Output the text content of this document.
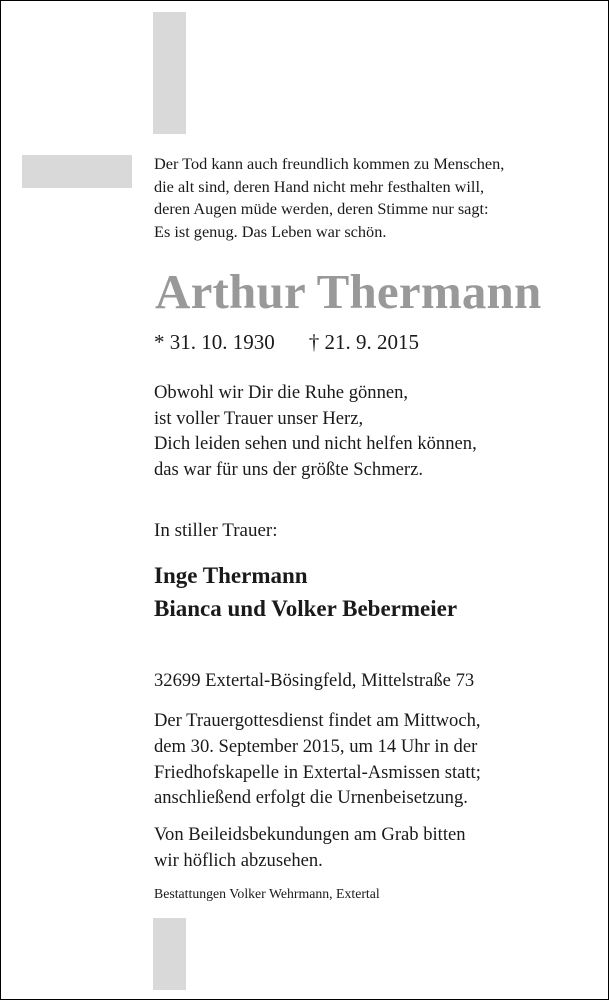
Der Tod kann auch freundlich kommen zu Menschen,
die alt sind, deren Hand nicht mehr festhalten will,
deren Augen müde werden, deren Stimme nur sagt:
Es ist genug. Das Leben war schön.
Arthur Thermann
* 31. 10. 1930 † 21. 9. 2015
Obwohl wir Dir die Ruhe gönnen,
ist voller Trauer unser Herz,
Dich leiden sehen und nicht helfen können,
das war für uns der größte Schmerz.
In stiller Trauer:
Inge Thermann
Bianca und Volker Bebermeier
32699 Extertal-Bösingfeld, Mittelstraße 73
Der Trauergottesdienst findet am Mittwoch,
dem 30. September 2015, um 14 Uhr in der
Friedhofskapelle in Extertal-Asmissen statt;
anschließend erfolgt die Urnenbeisetzung.
Von Beileidsbekundungen am Grab bitten
wir höflich abzusehen.
Bestattungen Volker Wehrmann, Extertal
